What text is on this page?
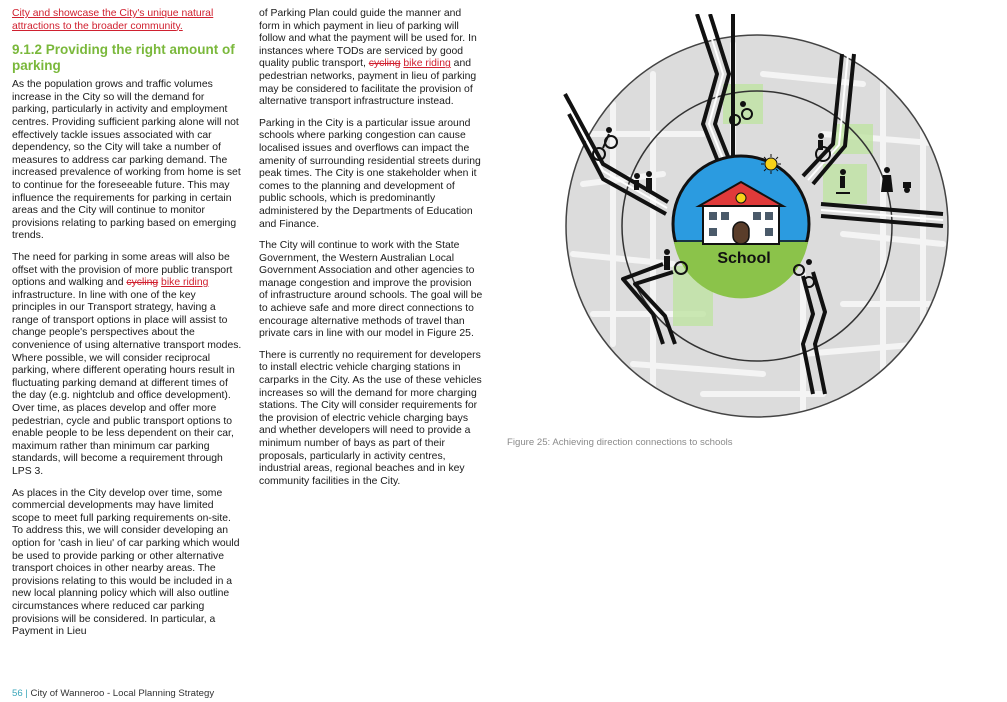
City and showcase the City's unique natural attractions to the broader community.

9.1.2 Providing the right amount of parking

As the population grows and traffic volumes increase in the City so will the demand for parking, particularly in activity and employment centres. Providing sufficient parking alone will not effectively tackle issues associated with car dependency, so the City will take a number of measures to address car parking demand. The increased prevalence of working from home is set to continue for the foreseeable future. This may influence the requirements for parking in certain areas and the City will continue to monitor provisions relating to parking based on emerging trends.

The need for parking in some areas will also be offset with the provision of more public transport options and walking and cycling bike riding infrastructure. In line with one of the key principles in our Transport strategy, having a range of transport options in place will assist to change people's perspectives about the convenience of using alternative transport modes. Where possible, we will consider reciprocal parking, where different operating hours result in fluctuating parking demand at different times of the day (e.g. nightclub and office development). Over time, as places develop and offer more pedestrian, cycle and public transport options to enable people to be less dependent on their car, maximum rather than minimum car parking standards, will become a requirement through LPS 3.

As places in the City develop over time, some commercial developments may have limited scope to meet full parking requirements on-site. To address this, we will consider developing an option for 'cash in lieu' of car parking which would be used to provide parking or other alternative transport choices in other nearby areas. The provisions relating to this would be included in a new local planning policy which will also outline circumstances where reduced car parking provisions will be considered. In particular, a Payment in Lieu

of Parking Plan could guide the manner and form in which payment in lieu of parking will follow and what the payment will be used for. In instances where TODs are serviced by good quality public transport, cycling bike riding and pedestrian networks, payment in lieu of parking may be considered to facilitate the provision of alternative transport infrastructure instead.

Parking in the City is a particular issue around schools where parking congestion can cause localised issues and overflows can impact the amenity of surrounding residential streets during peak times. The City is one stakeholder when it comes to the planning and development of public schools, which is predominantly administered by the Departments of Education and Finance.

The City will continue to work with the State Government, the Western Australian Local Government Association and other agencies to manage congestion and improve the provision of infrastructure around schools. The goal will be to achieve safe and more direct connections to encourage alternative methods of travel than private cars in line with our model in Figure 25.

There is currently no requirement for developers to install electric vehicle charging stations in carparks in the City. As the use of these vehicles increases so will the demand for more charging stations. The City will consider requirements for the provision of electric vehicle charging bays and whether developers will need to provide a minimum number of bays as part of their proposals, particularly in activity centres, industrial areas, regional beaches and in key community facilities in the City.

School
Figure 25: Achieving direction connections to schools
56 | City of Wanneroo - Local Planning Strategy
